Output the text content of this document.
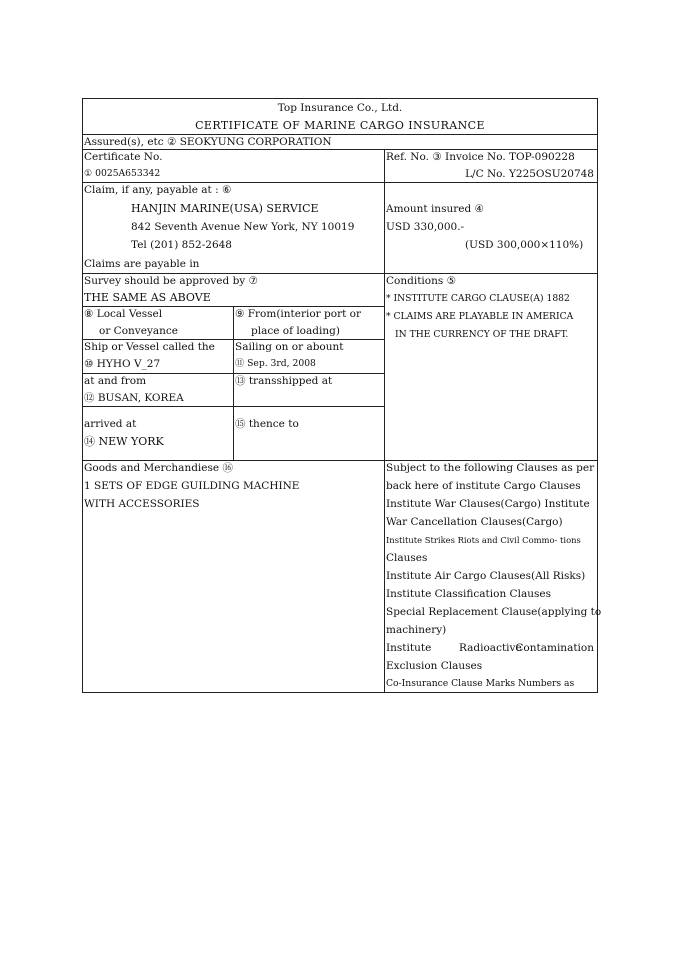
Top Insurance Co., Ltd.
CERTIFICATE OF MARINE CARGO INSURANCE
Assured(s), etc ② SEOKYUNG CORPORATION
Certificate No.
① 0025A653342
Ref. No. ③ Invoice No. TOP-090228
L/C No. Y225OSU20748
Claim, if any, payable at : ⑥
HANJIN MARINE(USA) SERVICE
842 Seventh Avenue New York, NY 10019
Tel (201) 852-2648
Claims are payable in
Amount insured ④
USD 330,000.-
(USD 300,000×110%)
Survey should be approved by ⑦
THE SAME AS ABOVE
Conditions ⑤
* INSTITUTE CARGO CLAUSE(A) 1882
* CLAIMS ARE PLAYABLE IN AMERICA
IN THE CURRENCY OF THE DRAFT.
⑧ Local Vessel
or Conveyance
⑨ From(interior port or
place of loading)
Ship or Vessel called the
⑩ HYHO V_27
Sailing on or abount
⑪ Sep. 3rd, 2008
at and from
⑫ BUSAN, KOREA
⑬ transshipped at
arrived at
⑭ NEW YORK
⑮ thence to
Goods and Merchandiese ⑯
1 SETS OF EDGE GUILDING MACHINE
WITH ACCESSORIES
Subject to the following Clauses as per
back here of institute Cargo Clauses
Institute War Clauses(Cargo) Institute
War Cancellation Clauses(Cargo)
Institute Strikes Riots and Civil Commo- tions
Clauses
Institute Air Cargo Clauses(All Risks)
Institute Classification Clauses
Special Replacement Clause(applying to
machinery)
Institute	Radioactive
Contamination
Exclusion Clauses
Co-Insurance Clause Marks Numbers as
